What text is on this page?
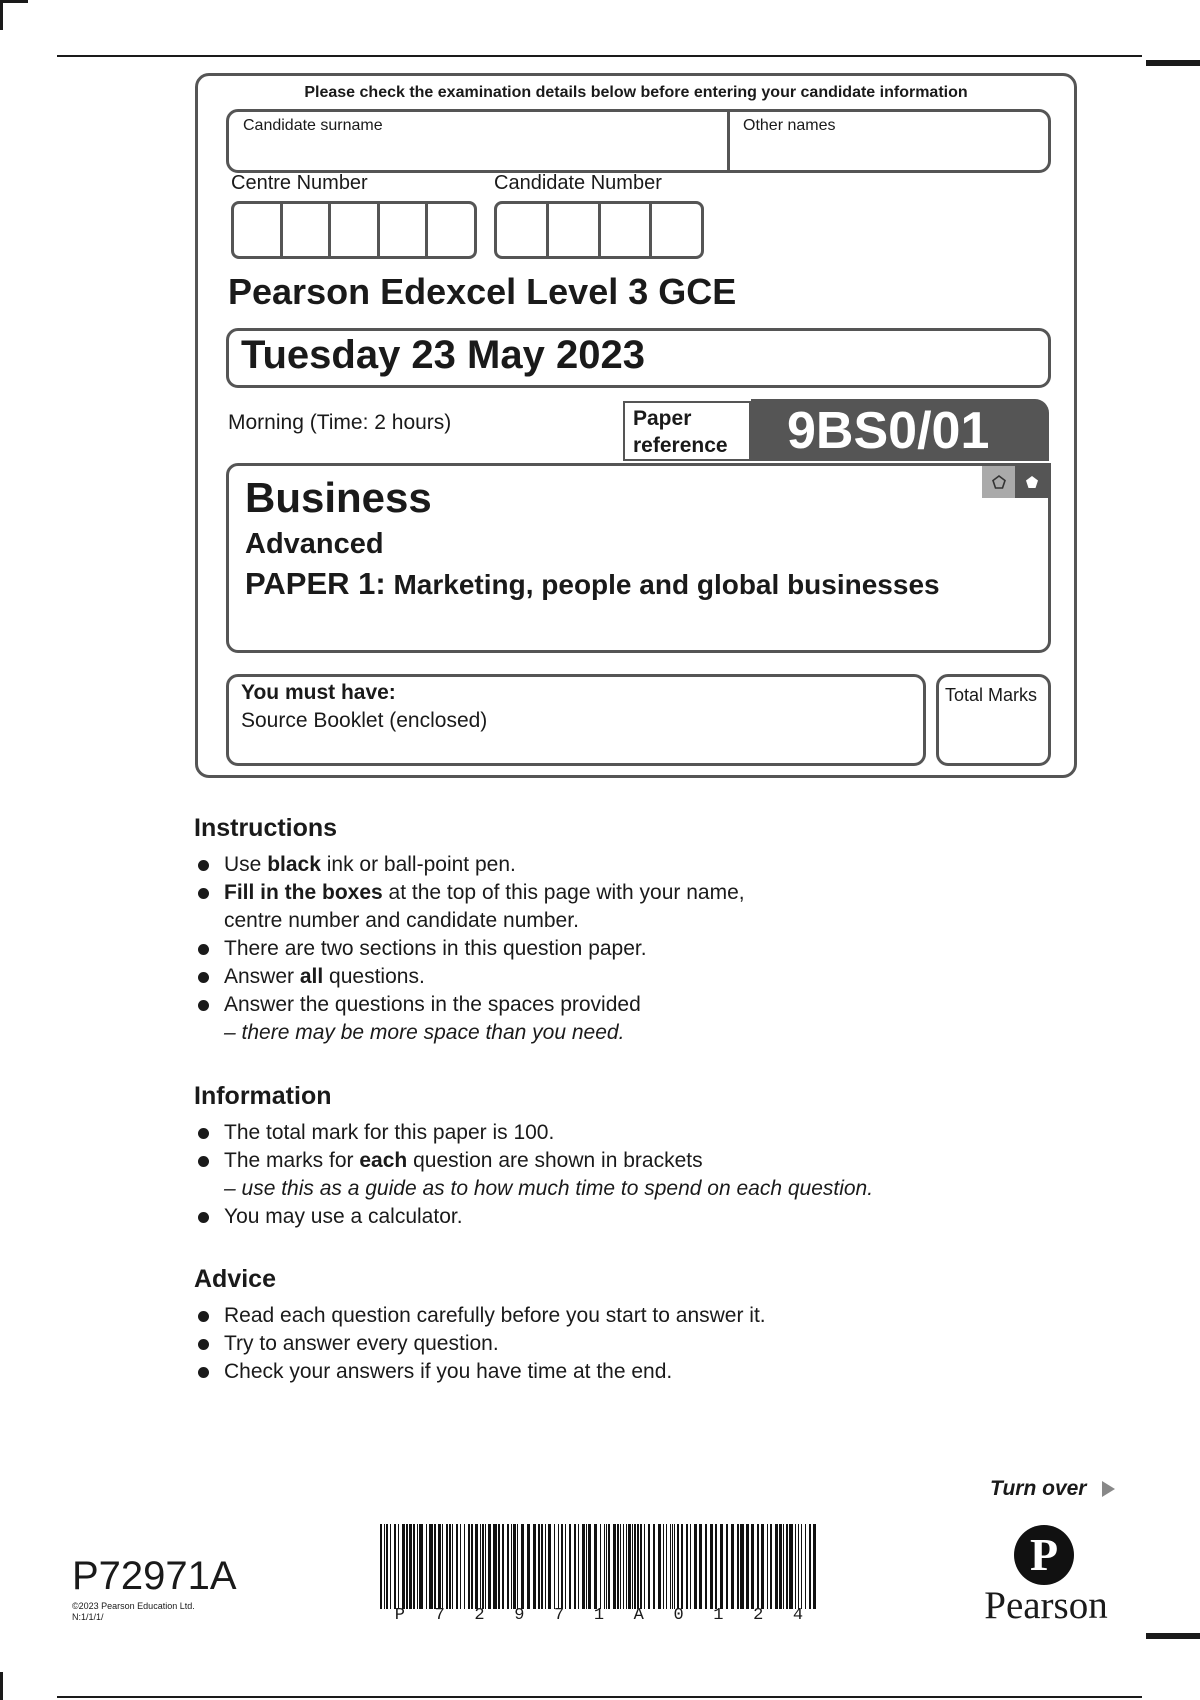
Please check the examination details below before entering your candidate information
Candidate surname	Other names
Centre Number	Candidate Number
Pearson Edexcel Level 3 GCE
Tuesday 23 May 2023
Morning (Time: 2 hours)	Paper
reference	9BS0/01
Business
Advanced
PAPER 1: Marketing, people and global businesses
You must have:
Source Booklet (enclosed)
Total Marks
Instructions
Use black ink or ball-point pen.
Fill in the boxes at the top of this page with your name,
centre number and candidate number.
There are two sections in this question paper.
Answer all questions.
Answer the questions in the spaces provided
– there may be more space than you need.
Information
The total mark for this paper is 100.
The marks for each question are shown in brackets
– use this as a guide as to how much time to spend on each question.
You may use a calculator.
Advice
Read each question carefully before you start to answer it.
Try to answer every question.
Check your answers if you have time at the end.
Turn over
P72971A
©2023 Pearson Education Ltd.
N:1/1/1/	P 7 2 9 7 1 A 0 1 2 4
P
Pearson
